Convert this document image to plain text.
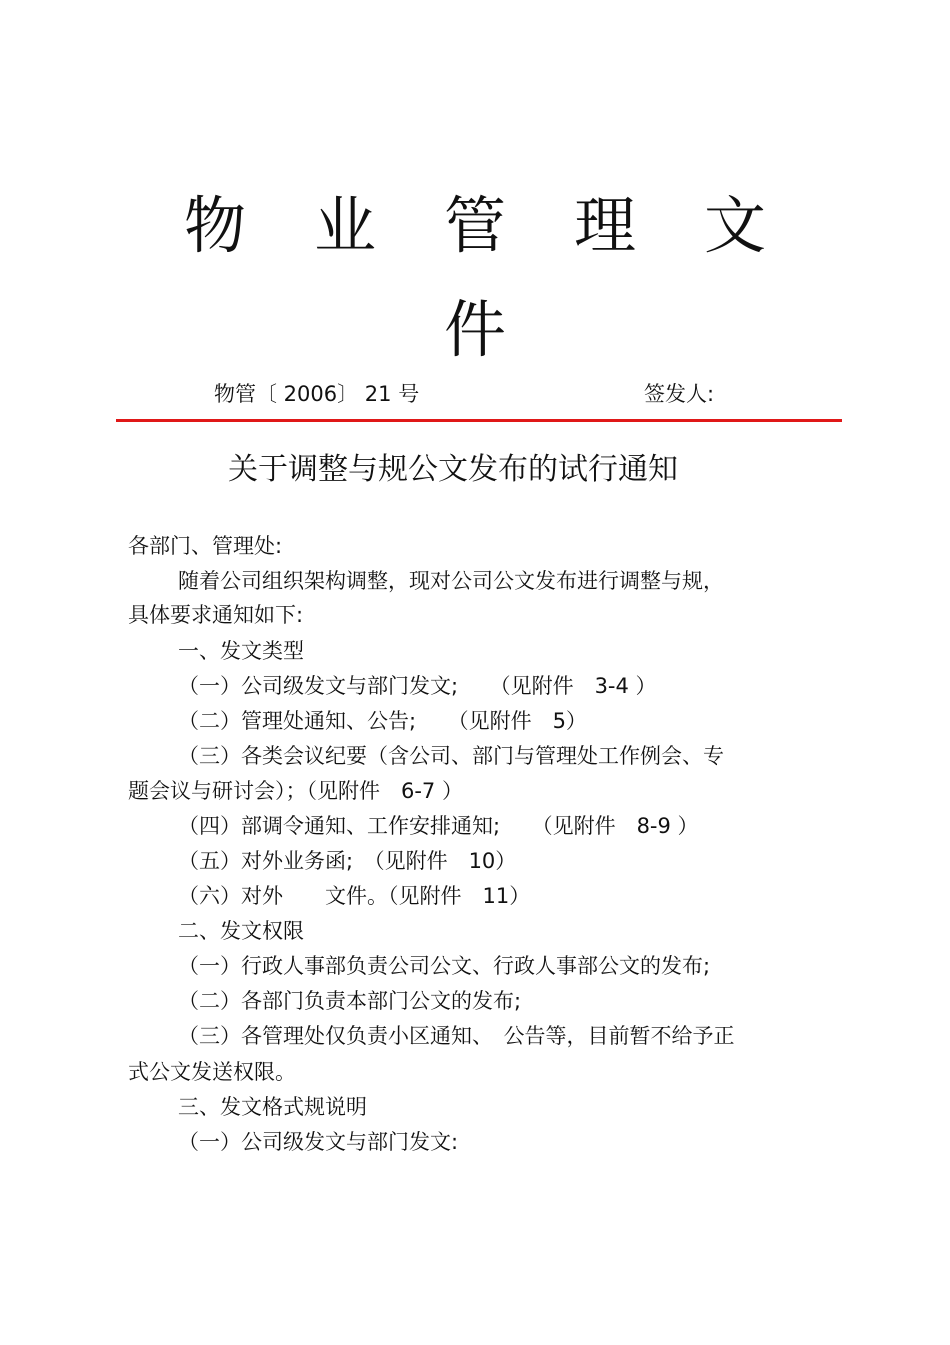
物	业	管	理	文
件
物管〔 2006〕 21 号	签发人:
关于调整与规公文发布的试行通知
各部门、管理处:
随着公司组织架构调整，现对公司公文发布进行调整与规，
具体要求通知如下:
一、发文类型
（一）公司级发文与部门发文;　　（见附件　3-4 ）
（二）管理处通知、公告;　　（见附件　5）
（三）各类会议纪要（含公司、部门与管理处工作例会、专
题会议与研讨会）；（见附件　6-7 ）
（四）部调令通知、工作安排通知;　　（见附件　8-9 ）
（五）对外业务函;　（见附件　10）
（六）对外　　文件。（见附件　11）
二、发文权限
（一）行政人事部负责公司公文、行政人事部公文的发布;
（二）各部门负责本部门公文的发布;
（三）各管理处仅负责小区通知、　公告等，目前暂不给予正
式公文发送权限。
三、发文格式规说明
（一）公司级发文与部门发文:
